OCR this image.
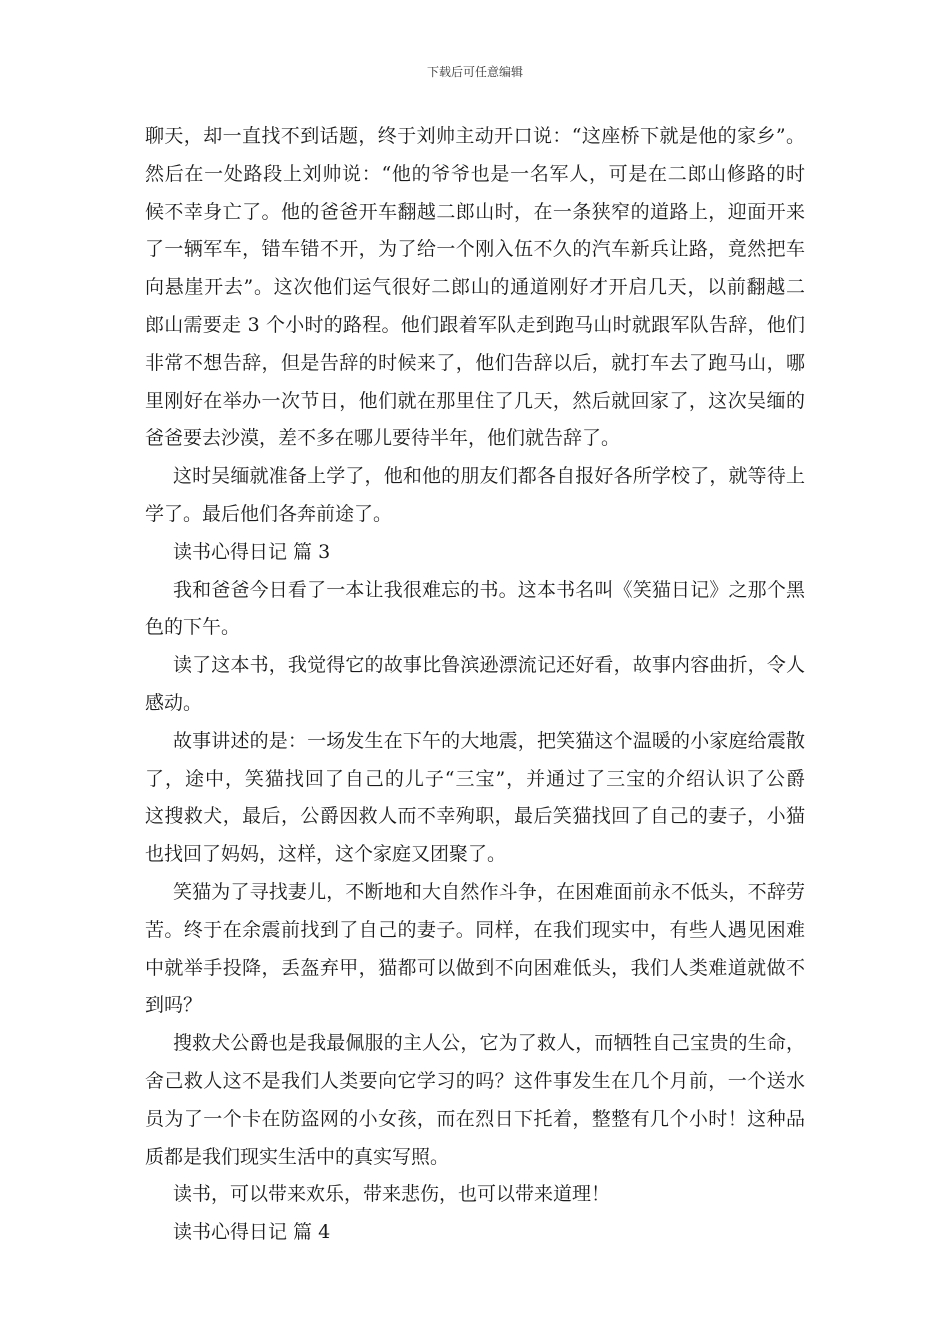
下载后可任意编辑
聊天，却一直找不到话题，终于刘帅主动开口说：“这座桥下就是他的家乡”。
然后在一处路段上刘帅说：“他的爷爷也是一名军人，可是在二郎山修路的时
候不幸身亡了。他的爸爸开车翻越二郎山时，在一条狭窄的道路上，迎面开来
了一辆军车，错车错不开，为了给一个刚入伍不久的汽车新兵让路，竟然把车
向悬崖开去”。这次他们运气很好二郎山的通道刚好才开启几天，以前翻越二
郎山需要走 3 个小时的路程。他们跟着军队走到跑马山时就跟军队告辞，他们
非常不想告辞，但是告辞的时候来了，他们告辞以后，就打车去了跑马山，哪
里刚好在举办一次节日，他们就在那里住了几天，然后就回家了，这次吴缅的
爸爸要去沙漠，差不多在哪儿要待半年，他们就告辞了。
这时吴缅就准备上学了，他和他的朋友们都各自报好各所学校了，就等待上
学了。最后他们各奔前途了。
读书心得日记 篇 3
我和爸爸今日看了一本让我很难忘的书。这本书名叫《笑猫日记》之那个黑
色的下午。
读了这本书，我觉得它的故事比鲁滨逊漂流记还好看，故事内容曲折，令人
感动。
故事讲述的是：一场发生在下午的大地震，把笑猫这个温暖的小家庭给震散
了，途中，笑猫找回了自己的儿子“三宝”，并通过了三宝的介绍认识了公爵
这搜救犬，最后，公爵因救人而不幸殉职，最后笑猫找回了自己的妻子，小猫
也找回了妈妈，这样，这个家庭又团聚了。
笑猫为了寻找妻儿，不断地和大自然作斗争，在困难面前永不低头，不辞劳
苦。终于在余震前找到了自己的妻子。同样，在我们现实中，有些人遇见困难
中就举手投降，丢盔弃甲，猫都可以做到不向困难低头，我们人类难道就做不
到吗？
搜救犬公爵也是我最佩服的主人公，它为了救人，而牺牲自己宝贵的生命，
舍己救人这不是我们人类要向它学习的吗？这件事发生在几个月前，一个送水
员为了一个卡在防盗网的小女孩，而在烈日下托着，整整有几个小时！这种品
质都是我们现实生活中的真实写照。
读书，可以带来欢乐，带来悲伤，也可以带来道理！
读书心得日记 篇 4
